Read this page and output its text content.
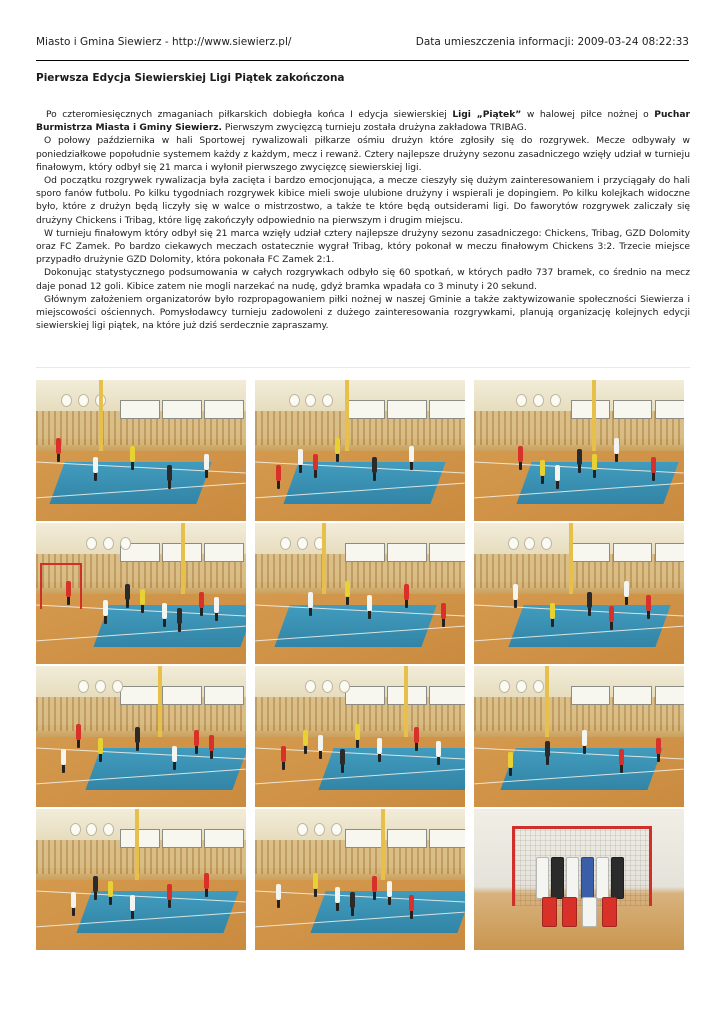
Miasto i Gmina Siewierz - http://www.siewierz.pl/	Data umieszczenia informacji: 2009-03-24 08:22:33
Pierwsza Edycja Siewierskiej Ligi Piątek zakończona

Po czteromiesięcznych zmaganiach piłkarskich dobiegła końca I edycja siewierskiej Ligi „Piątek” w halowej piłce nożnej o Puchar Burmistrza Miasta i Gminy Siewierz. Pierwszym zwycięzcą turnieju została drużyna zakładowa TRIBAG.

O połowy października w hali Sportowej rywalizowali piłkarze ośmiu drużyn które zgłosiły się do rozgrywek. Mecze odbywały w poniedziałkowe popołudnie systemem każdy z każdym, mecz i rewanż. Cztery najlepsze drużyny sezonu zasadniczego wzięły udział w turnieju finałowym, który odbył się 21 marca i wyłonił pierwszego zwycięzcę siewierskiej ligi.

Od początku rozgrywek rywalizacja była zacięta i bardzo emocjonująca, a mecze cieszyły się dużym zainteresowaniem i przyciągały do hali sporo fanów futbolu. Po kilku tygodniach rozgrywek kibice mieli swoje ulubione drużyny i wspierali je dopingiem. Po kilku kolejkach widoczne było, które z drużyn będą liczyły się w walce o mistrzostwo, a także te które będą outsiderami ligi. Do faworytów rozgrywek zaliczały się drużyny Chickens i Tribag, które ligę zakończyły odpowiednio na pierwszym i drugim miejscu.

W turnieju finałowym który odbył się 21 marca wzięły udział cztery najlepsze drużyny sezonu zasadniczego: Chickens, Tribag, GZD Dolomity oraz FC Zamek. Po bardzo ciekawych meczach ostatecznie wygrał Tribag, który pokonał w meczu finałowym Chickens 3:2. Trzecie miejsce przypadło drużynie GZD Dolomity, która pokonała FC Zamek 2:1.

Dokonując statystycznego podsumowania w całych rozgrywkach odbyło się 60 spotkań, w których padło 737 bramek, co średnio na mecz daje ponad 12 goli. Kibice zatem nie mogli narzekać na nudę, gdyż bramka wpadała co 3 minuty i 20 sekund.

Głównym założeniem organizatorów było rozpropagowaniem piłki nożnej w naszej Gminie a także zaktywizowanie społeczności Siewierza i miejscowości ościennych. Pomysłodawcy turnieju zadowoleni z dużego zainteresowania rozgrywkami, planują organizację kolejnych edycji siewierskiej ligi piątek, na które już dziś serdecznie zapraszamy.
